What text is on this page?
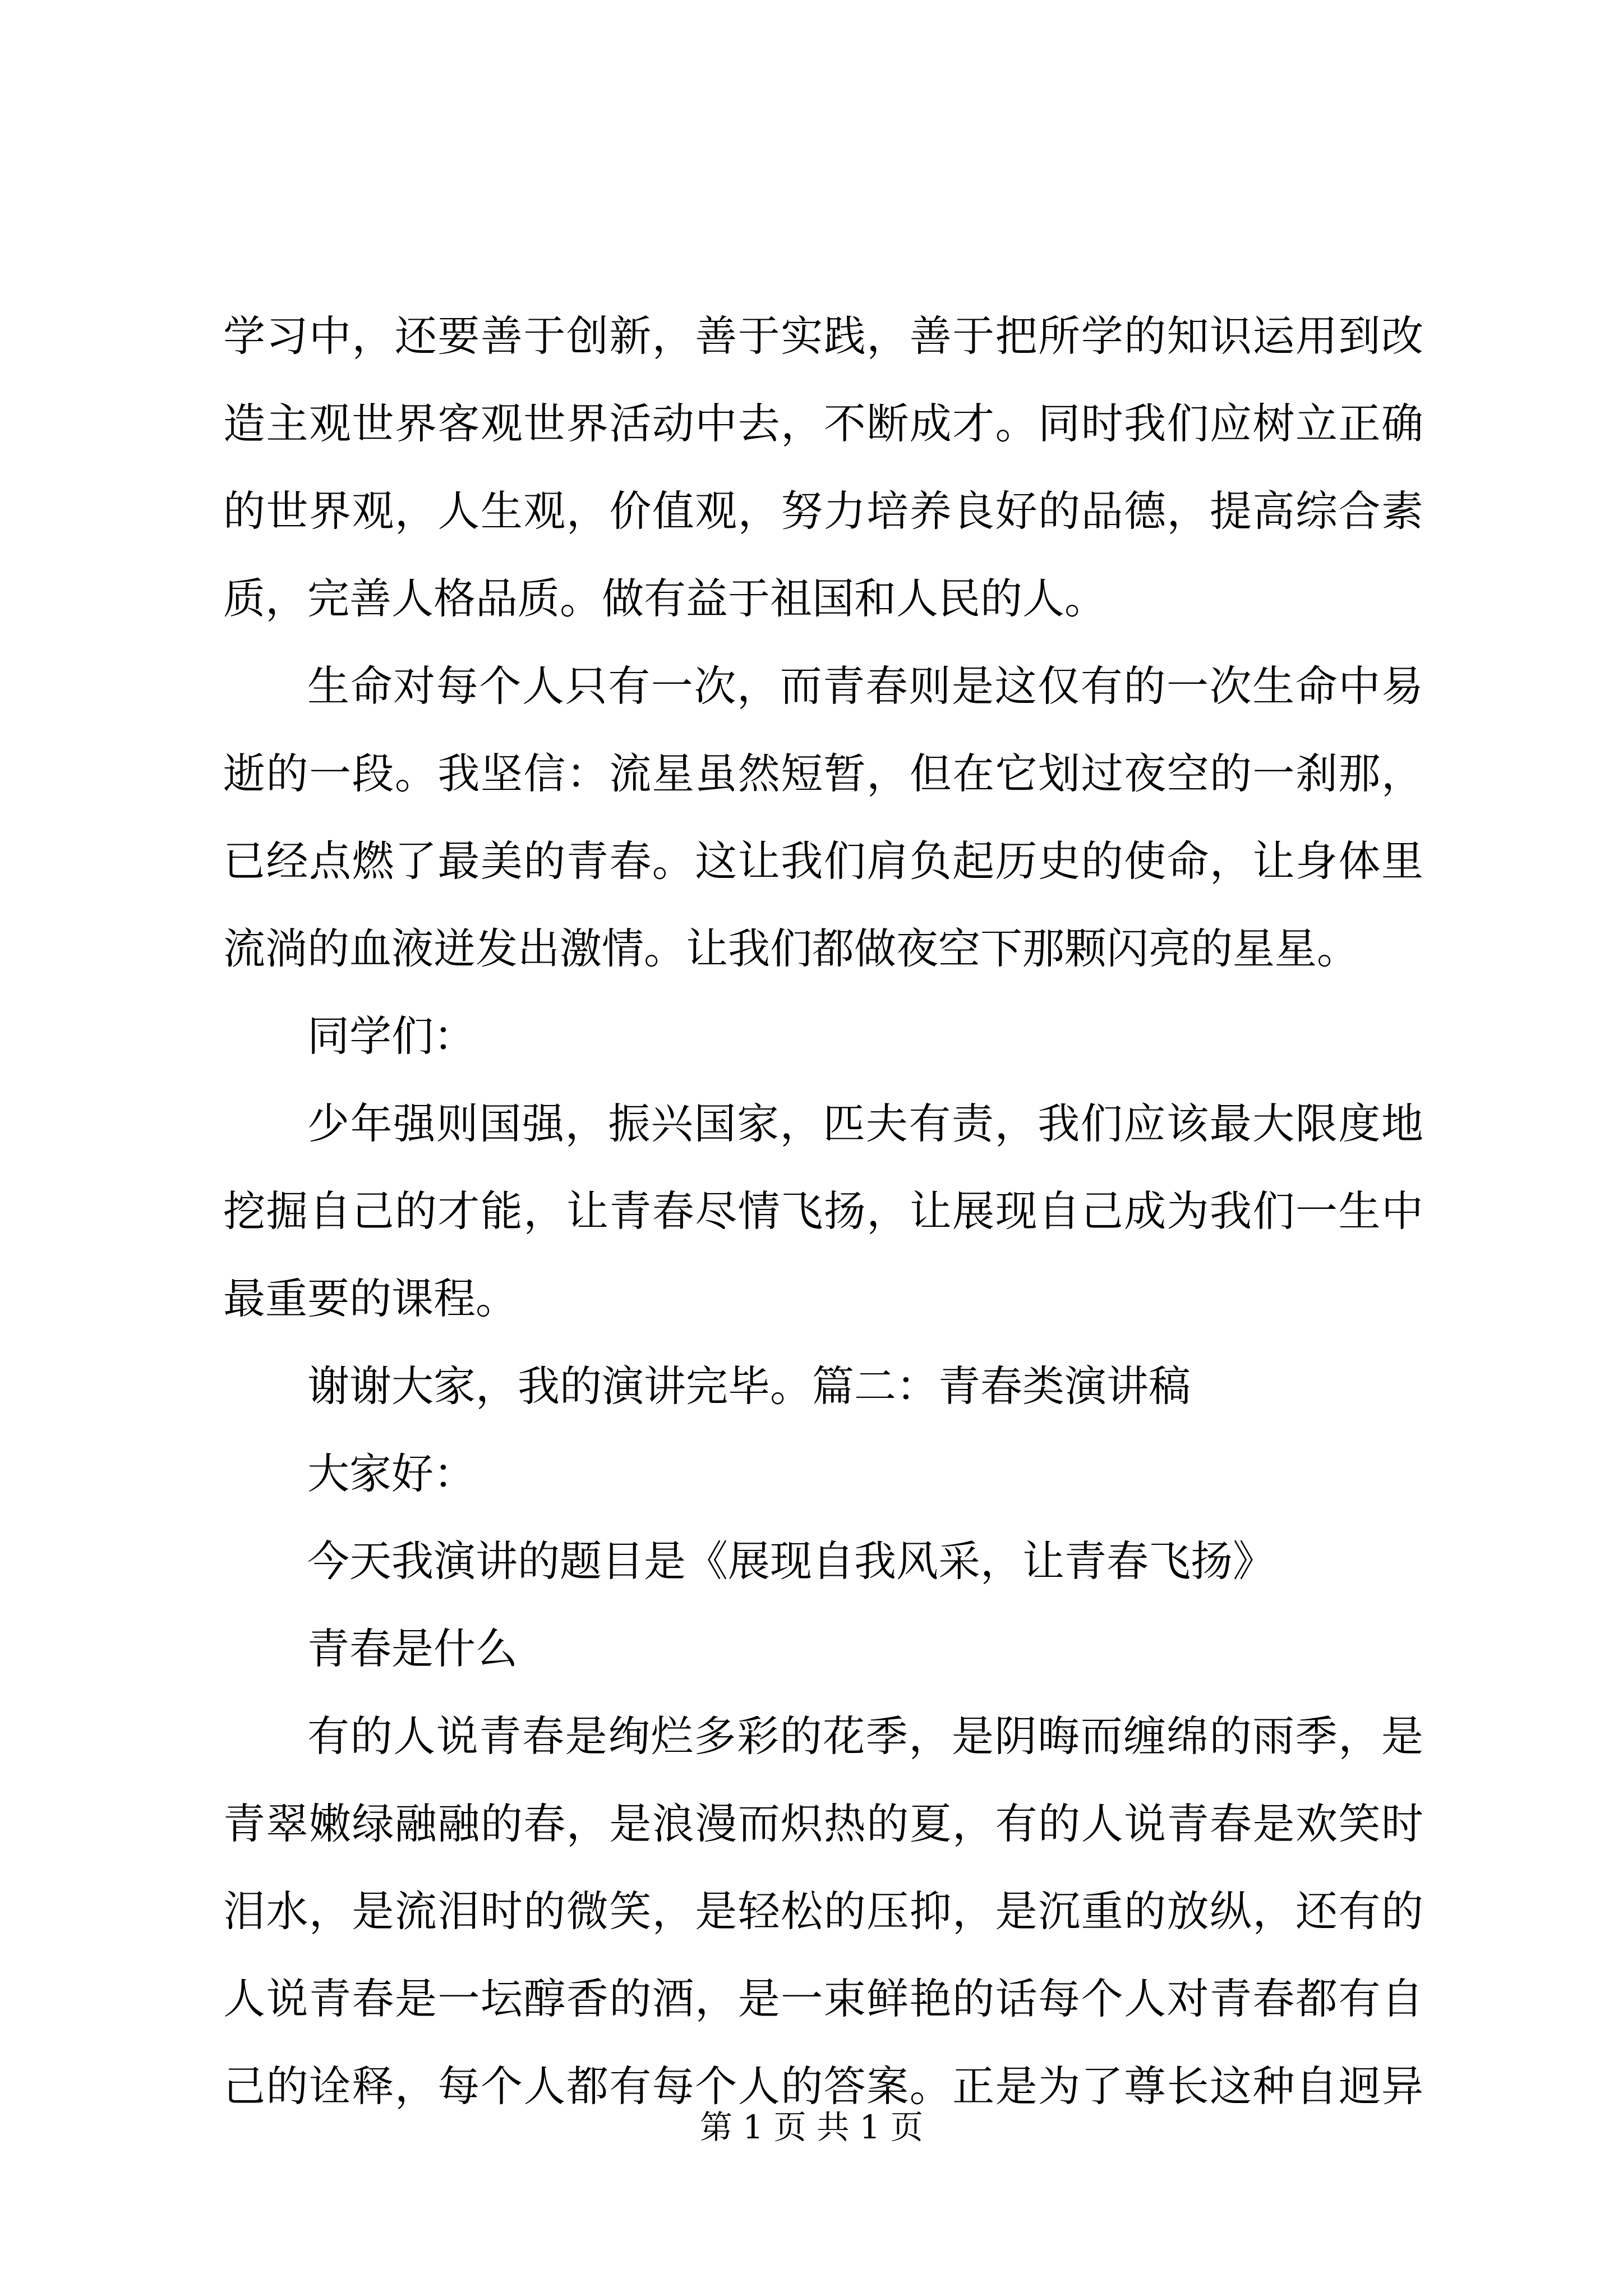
学习中，还要善于创新，善于实践，善于把所学的知识运用到改
造主观世界客观世界活动中去，不断成才。同时我们应树立正确
的世界观，人生观，价值观，努力培养良好的品德，提高综合素
质，完善人格品质。做有益于祖国和人民的人。
生命对每个人只有一次，而青春则是这仅有的一次生命中易
逝的一段。我坚信：流星虽然短暂，但在它划过夜空的一刹那，
已经点燃了最美的青春。这让我们肩负起历史的使命，让身体里
流淌的血液迸发出激情。让我们都做夜空下那颗闪亮的星星。
同学们：
少年强则国强，振兴国家，匹夫有责，我们应该最大限度地
挖掘自己的才能，让青春尽情飞扬，让展现自己成为我们一生中
最重要的课程。
谢谢大家，我的演讲完毕。篇二：青春类演讲稿
大家好：
今天我演讲的题目是《展现自我风采，让青春飞扬》
青春是什么
有的人说青春是绚烂多彩的花季，是阴晦而缠绵的雨季，是
青翠嫩绿融融的春，是浪漫而炽热的夏，有的人说青春是欢笑时
泪水，是流泪时的微笑，是轻松的压抑，是沉重的放纵，还有的
人说青春是一坛醇香的酒，是一束鲜艳的话每个人对青春都有自
己的诠释，每个人都有每个人的答案。正是为了尊长这种自迥异
第 1 页 共 1 页
